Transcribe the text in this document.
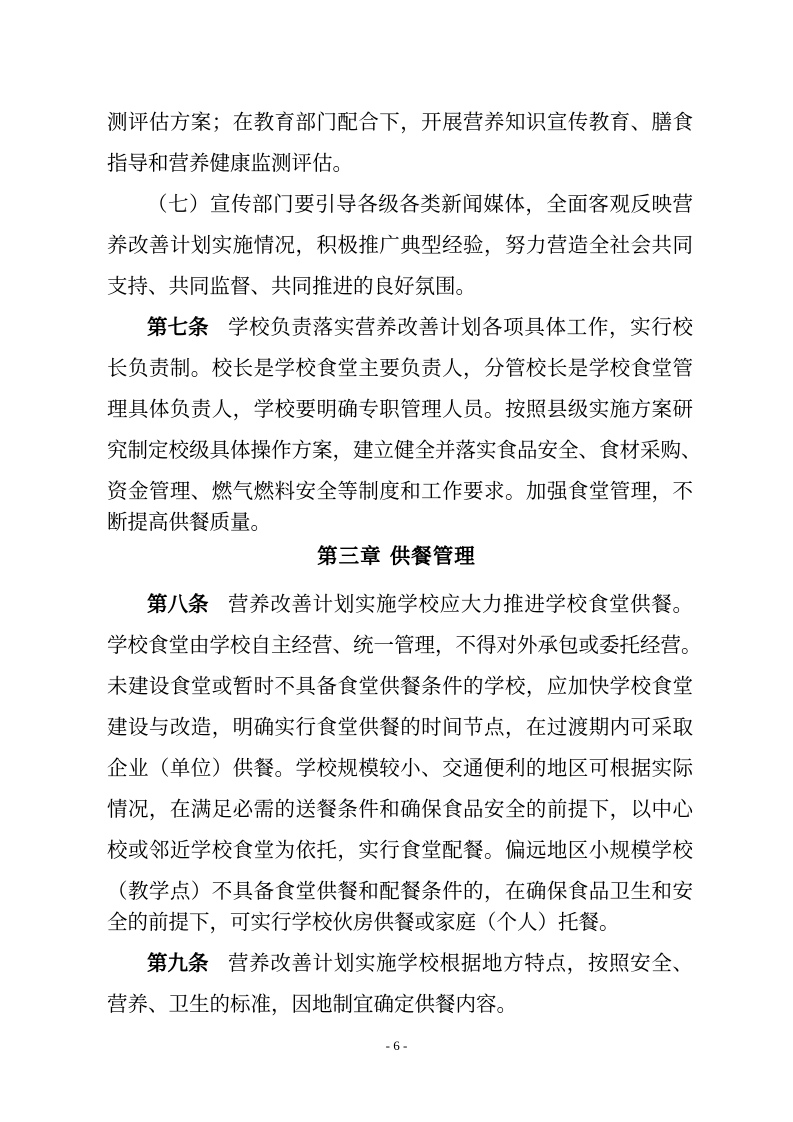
测评估方案；在教育部门配合下，开展营养知识宣传教育、膳食
指导和营养健康监测评估。
（七）宣传部门要引导各级各类新闻媒体，全面客观反映营
养改善计划实施情况，积极推广典型经验，努力营造全社会共同
支持、共同监督、共同推进的良好氛围。
第七条 学校负责落实营养改善计划各项具体工作，实行校
长负责制。校长是学校食堂主要负责人，分管校长是学校食堂管
理具体负责人，学校要明确专职管理人员。按照县级实施方案研
究制定校级具体操作方案，建立健全并落实食品安全、食材采购、
资金管理、燃气燃料安全等制度和工作要求。加强食堂管理，不
断提高供餐质量。
第三章 供餐管理
第八条 营养改善计划实施学校应大力推进学校食堂供餐。
学校食堂由学校自主经营、统一管理，不得对外承包或委托经营。
未建设食堂或暂时不具备食堂供餐条件的学校，应加快学校食堂
建设与改造，明确实行食堂供餐的时间节点，在过渡期内可采取
企业（单位）供餐。学校规模较小、交通便利的地区可根据实际
情况，在满足必需的送餐条件和确保食品安全的前提下，以中心
校或邻近学校食堂为依托，实行食堂配餐。偏远地区小规模学校
（教学点）不具备食堂供餐和配餐条件的，在确保食品卫生和安
全的前提下，可实行学校伙房供餐或家庭（个人）托餐。
第九条 营养改善计划实施学校根据地方特点，按照安全、
营养、卫生的标准，因地制宜确定供餐内容。
- 6 -
